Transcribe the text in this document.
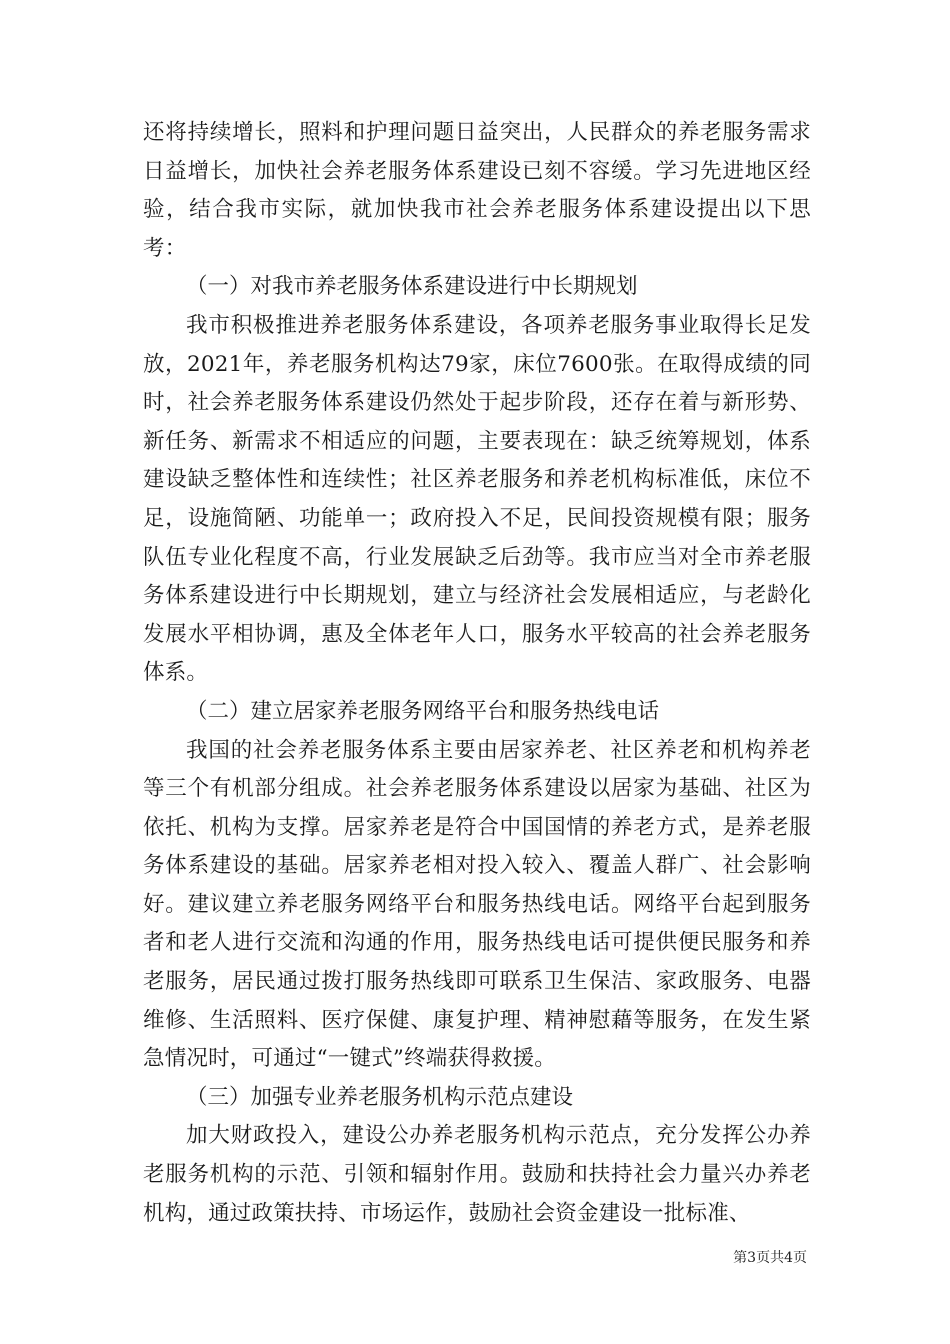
还将持续增长，照料和护理问题日益突出，人民群众的养老服务需求日益增长，加快社会养老服务体系建设已刻不容缓。学习先进地区经验，结合我市实际，就加快我市社会养老服务体系建设提出以下思考：

（一）对我市养老服务体系建设进行中长期规划

我市积极推进养老服务体系建设，各项养老服务事业取得长足发放，2021年，养老服务机构达79家，床位7600张。在取得成绩的同时，社会养老服务体系建设仍然处于起步阶段，还存在着与新形势、新任务、新需求不相适应的问题，主要表现在：缺乏统筹规划，体系建设缺乏整体性和连续性；社区养老服务和养老机构标准低，床位不足，设施简陋、功能单一；政府投入不足，民间投资规模有限；服务队伍专业化程度不高，行业发展缺乏后劲等。我市应当对全市养老服务体系建设进行中长期规划，建立与经济社会发展相适应，与老龄化发展水平相协调，惠及全体老年人口，服务水平较高的社会养老服务体系。

（二）建立居家养老服务网络平台和服务热线电话

我国的社会养老服务体系主要由居家养老、社区养老和机构养老等三个有机部分组成。社会养老服务体系建设以居家为基础、社区为依托、机构为支撑。居家养老是符合中国国情的养老方式，是养老服务体系建设的基础。居家养老相对投入较入、覆盖人群广、社会影响好。建议建立养老服务网络平台和服务热线电话。网络平台起到服务者和老人进行交流和沟通的作用，服务热线电话可提供便民服务和养老服务，居民通过拨打服务热线即可联系卫生保洁、家政服务、电器维修、生活照料、医疗保健、康复护理、精神慰藉等服务，在发生紧急情况时，可通过“一键式”终端获得救援。

（三）加强专业养老服务机构示范点建设

加大财政投入，建设公办养老服务机构示范点，充分发挥公办养老服务机构的示范、引领和辐射作用。鼓励和扶持社会力量兴办养老机构，通过政策扶持、市场运作，鼓励社会资金建设一批标准、

第3页共4页
